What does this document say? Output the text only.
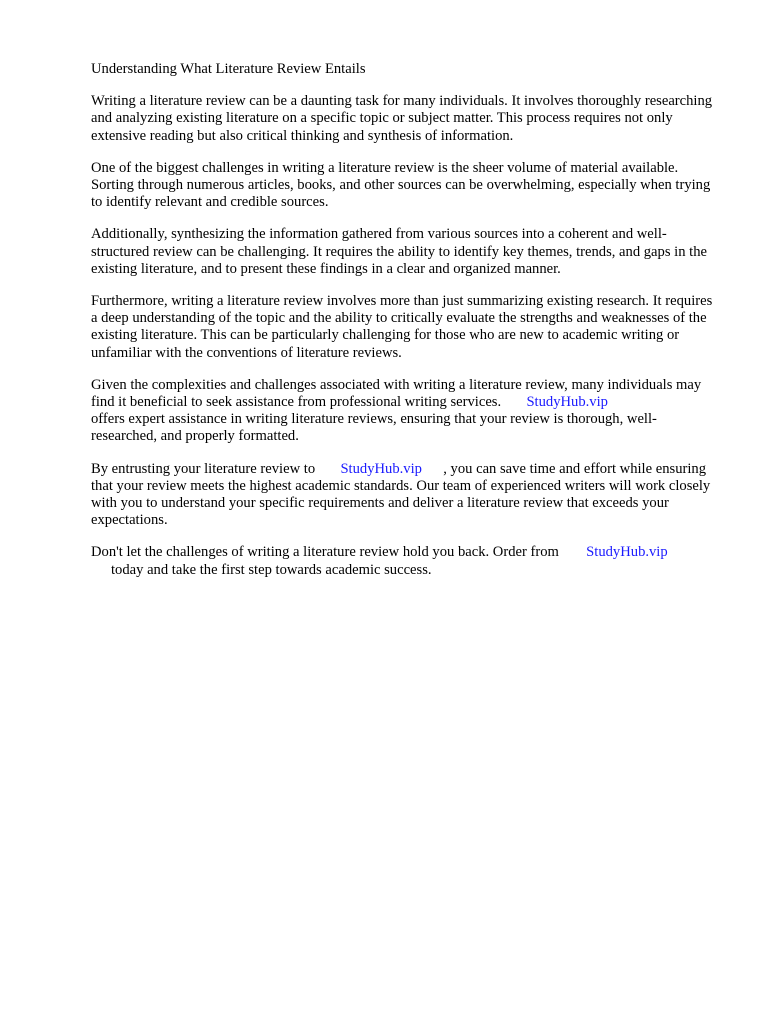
Understanding What Literature Review Entails
Writing a literature review can be a daunting task for many individuals. It involves thoroughly researching and analyzing existing literature on a specific topic or subject matter. This process requires not only extensive reading but also critical thinking and synthesis of information.
One of the biggest challenges in writing a literature review is the sheer volume of material available. Sorting through numerous articles, books, and other sources can be overwhelming, especially when trying to identify relevant and credible sources.
Additionally, synthesizing the information gathered from various sources into a coherent and well-structured review can be challenging. It requires the ability to identify key themes, trends, and gaps in the existing literature, and to present these findings in a clear and organized manner.
Furthermore, writing a literature review involves more than just summarizing existing research. It requires a deep understanding of the topic and the ability to critically evaluate the strengths and weaknesses of the existing literature. This can be particularly challenging for those who are new to academic writing or unfamiliar with the conventions of literature reviews.
Given the complexities and challenges associated with writing a literature review, many individuals may find it beneficial to seek assistance from professional writing services. StudyHub.vip
offers expert assistance in writing literature reviews, ensuring that your review is thorough, well-researched, and properly formatted.
By entrusting your literature review to StudyHub.vip , you can save time and effort while ensuring that your review meets the highest academic standards. Our team of experienced writers will work closely with you to understand your specific requirements and deliver a literature review that exceeds your expectations.
Don't let the challenges of writing a literature review hold you back. Order from StudyHub.vip
today and take the first step towards academic success.
